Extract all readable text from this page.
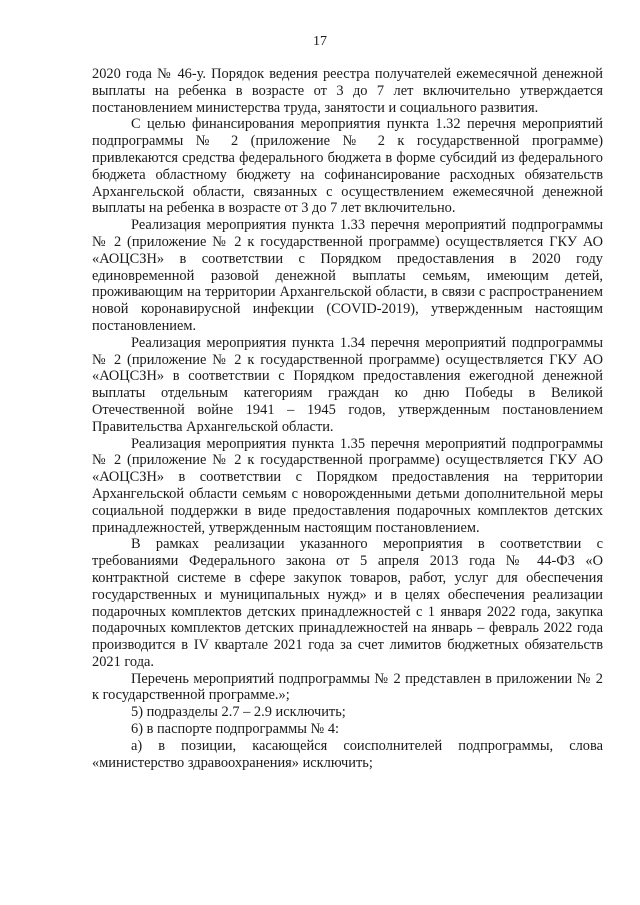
17

2020 года № 46-у. Порядок ведения реестра получателей ежемесячной денежной выплаты на ребенка в возрасте от 3 до 7 лет включительно утверждается постановлением министерства труда, занятости и социального развития.

С целью финансирования мероприятия пункта 1.32 перечня мероприятий подпрограммы № 2 (приложение № 2 к государственной программе) привлекаются средства федерального бюджета в форме субсидий из федерального бюджета областному бюджету на софинансирование расходных обязательств Архангельской области, связанных с осуществлением ежемесячной денежной выплаты на ребенка в возрасте от 3 до 7 лет включительно.

Реализация мероприятия пункта 1.33 перечня мероприятий подпрограммы № 2 (приложение № 2 к государственной программе) осуществляется ГКУ АО «АОЦСЗН» в соответствии с Порядком предоставления в 2020 году единовременной разовой денежной выплаты семьям, имеющим детей, проживающим на территории Архангельской области, в связи с распространением новой коронавирусной инфекции (COVID-2019), утвержденным настоящим постановлением.

Реализация мероприятия пункта 1.34 перечня мероприятий подпрограммы № 2 (приложение № 2 к государственной программе) осуществляется ГКУ АО «АОЦСЗН» в соответствии с Порядком предоставления ежегодной денежной выплаты отдельным категориям граждан ко дню Победы в Великой Отечественной войне 1941 – 1945 годов, утвержденным постановлением Правительства Архангельской области.

Реализация мероприятия пункта 1.35 перечня мероприятий подпрограммы № 2 (приложение № 2 к государственной программе) осуществляется ГКУ АО «АОЦСЗН» в соответствии с Порядком предоставления на территории Архангельской области семьям с новорожденными детьми дополнительной меры социальной поддержки в виде предоставления подарочных комплектов детских принадлежностей, утвержденным настоящим постановлением.

В рамках реализации указанного мероприятия в соответствии с требованиями Федерального закона от 5 апреля 2013 года № 44-ФЗ «О контрактной системе в сфере закупок товаров, работ, услуг для обеспечения государственных и муниципальных нужд» и в целях обеспечения реализации подарочных комплектов детских принадлежностей с 1 января 2022 года, закупка подарочных комплектов детских принадлежностей на январь – февраль 2022 года производится в IV квартале 2021 года за счет лимитов бюджетных обязательств 2021 года.

Перечень мероприятий подпрограммы № 2 представлен в приложении № 2 к государственной программе.»;

5) подразделы 2.7 – 2.9 исключить;

6) в паспорте подпрограммы № 4:

а) в позиции, касающейся соисполнителей подпрограммы, слова «министерство здравоохранения» исключить;
